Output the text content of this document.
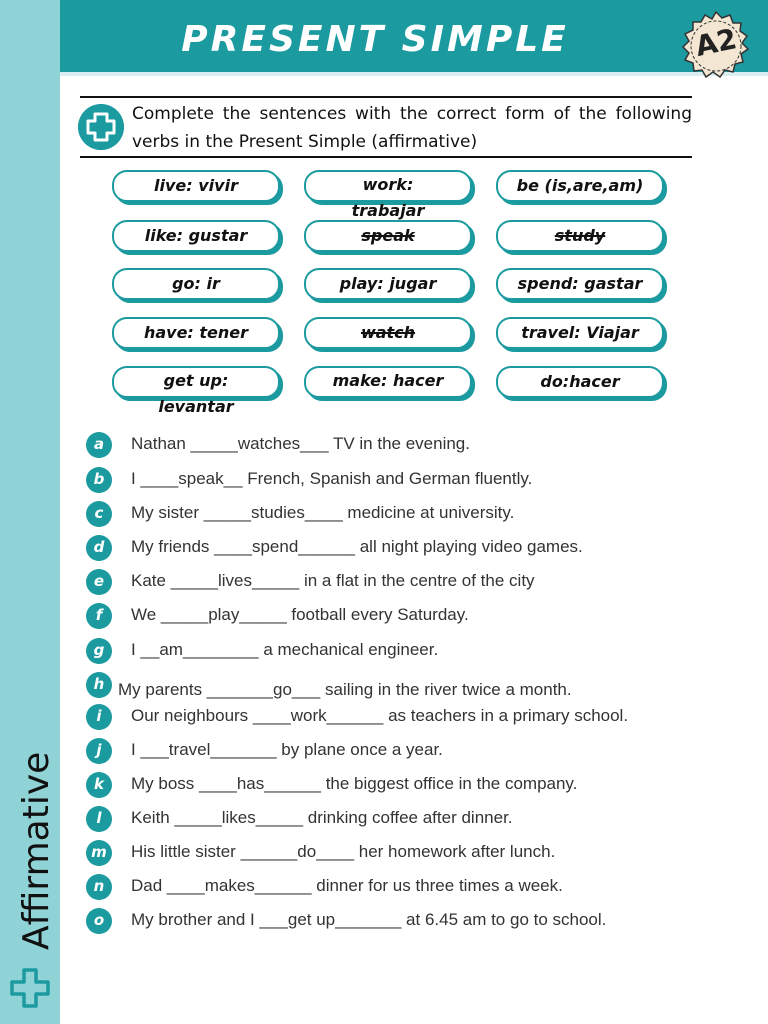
PRESENT SIMPLE	A2
Complete the sentences with the correct form of the following verbs in the Present Simple (affirmative)
live: vivir	work: trabajar
be (is,are,am)
like: gustar	speak	study
go: ir	play: jugar	spend: gastar
have: tener	watch	travel: Viajar
get up: levantar
make: hacer	do:hacer
a	Nathan _____watches___ TV in the evening.
b	I ____speak__ French, Spanish and German fluently.
c	My sister _____studies____ medicine at university.
d	My friends ____spend______ all night playing video games.
e	Kate _____lives_____ in a flat in the centre of the city
f	We _____play_____ football every Saturday.
g	I __am________ a mechanical engineer.
h My parents _______go___ sailing in the river twice a month.
i	Our neighbours ____work______ as teachers in a primary school.
j	I ___travel_______ by plane once a year.
k	My boss ____has______ the biggest office in the company.
l	Keith _____likes_____ drinking coffee after dinner.
m	His little sister ______do____ her homework after lunch.
n	Dad ____makes______ dinner for us three times a week.
o	My brother and I ___get up_______ at 6.45 am to go to school.
Affirmative
